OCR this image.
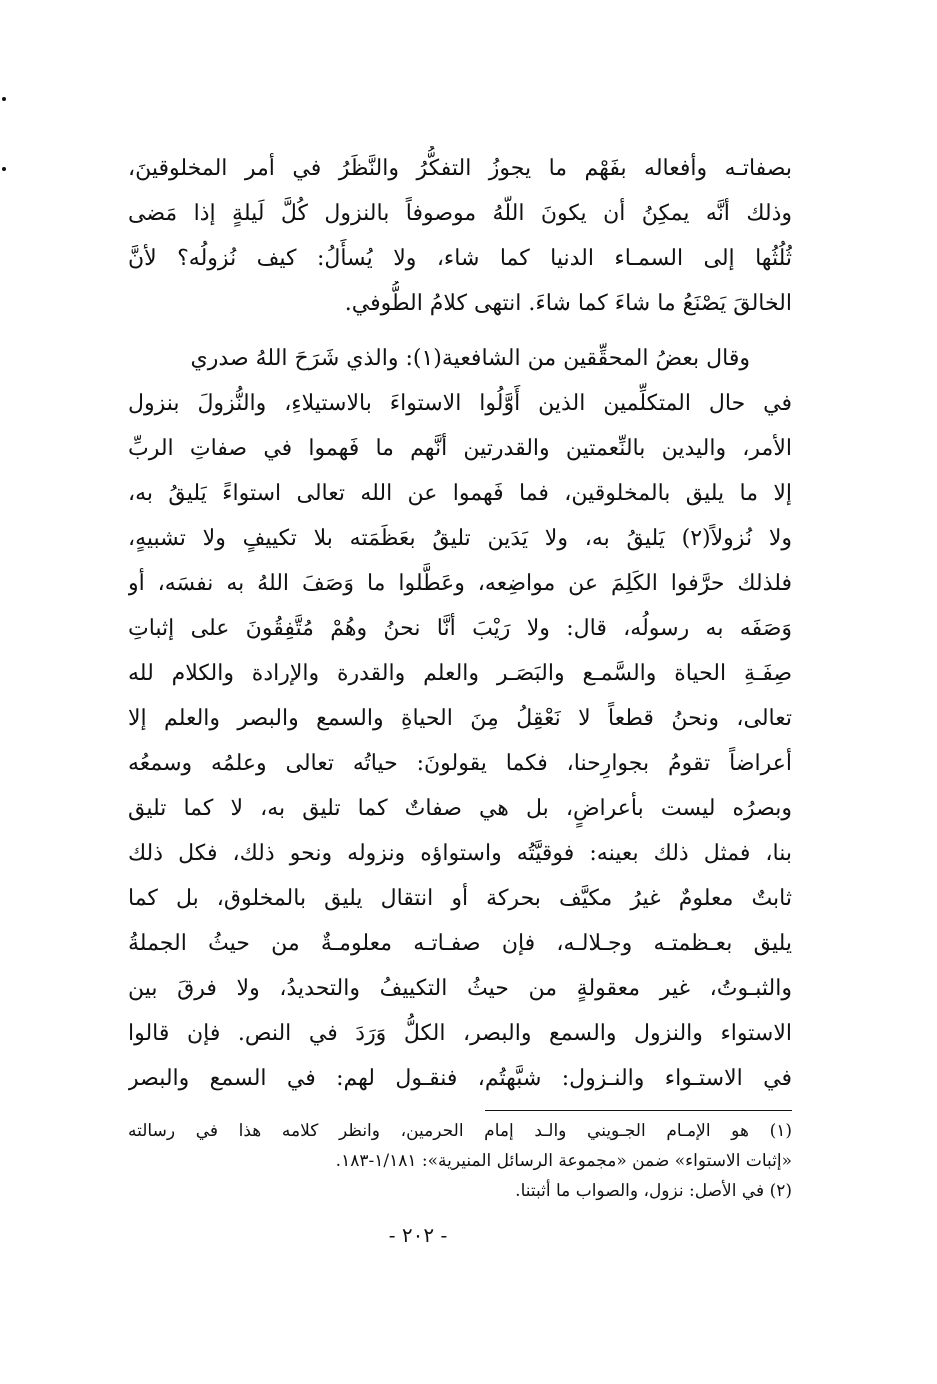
بصفاتـه وأفعاله بفَهْم ما يجوزُ التفكُّرُ والنَّظَرُ في أمر المخلوقينَ،
وذلك أنَّه يمكِنُ أن يكونَ اللّهُ موصوفاً بالنزول كُلَّ لَيلةٍ إذا مَضى
ثُلُثُها إلى السمـاء الدنيا كما شاء، ولا يُسأَلُ: كيف نُزولُه؟ لأنَّ
الخالقَ يَصْنَعُ ما شاءَ كما شاءَ. انتهى كلامُ الطُّوفي.
وقال بعضُ المحقِّقين من الشافعية(١): والذي شَرَحَ اللهُ صدري
في حال المتكلِّمين الذين أَوَّلُوا الاستواءَ بالاستيلاءِ، والنُّزولَ بنزول
الأمر، واليدين بالنِّعمتين والقدرتين أنَّهم ما فَهموا في صفاتِ الربِّ
إلا ما يليق بالمخلوقين، فما فَهموا عن الله تعالى استواءً يَليقُ به،
ولا نُزولاً(٢) يَليقُ به، ولا يَدَين تليقُ بعَظَمَته بلا تكييفٍ ولا تشبيهٍ،
فلذلك حرَّفوا الكَلِمَ عن مواضِعه، وعَطَّلوا ما وَصَفَ اللهُ به نفسَه، أو
وَصَفَه به رسولُه، قال: ولا رَيْبَ أنَّا نحنُ وهُمْ مُتَّفِقُونَ على إثباتِ
صِفَـةِ الحياة والسَّمـع والبَصَـر والعلم والقدرة والإرادة والكلام لله
تعالى، ونحنُ قطعاً لا نَعْقِلُ مِنَ الحياةِ والسمع والبصر والعلم إلا
أعراضاً تقومُ بجوارِحنا، فكما يقولونَ: حياتُه تعالى وعلمُه وسمعُه
وبصرُه ليست بأعراضٍ، بل هي صفاتٌ كما تليق به، لا كما تليق
بنا، فمثل ذلك بعينه: فوقيَّتُه واستواؤه ونزوله ونحو ذلك، فكل ذلك
ثابتٌ معلومٌ غيرُ مكيَّف بحركة أو انتقال يليق بالمخلوق، بل كما
يليق بعـظمتـه وجـلالـه، فإن صفـاتـه معلومـةٌ من حيثُ الجملةُ
والثبـوتُ، غير معقولةٍ من حيثُ التكييفُ والتحديدُ، ولا فرقَ بين
الاستواء والنزول والسمع والبصر، الكلُّ وَرَدَ في النص. فإن قالوا
في الاستـواء والنـزول: شبَّهتُم، فنقـول لهم: في السمع والبصر
(١) هو الإمـام الجـويني والـد إمام الحرمين، وانظر كلامه هذا في رسالته
«إثبات الاستواء» ضمن «مجموعة الرسائل المنيرية»: ١/١٨١-١٨٣.
(٢) في الأصل: نزول، والصواب ما أثبتنا.
- ٢٠٢ -
